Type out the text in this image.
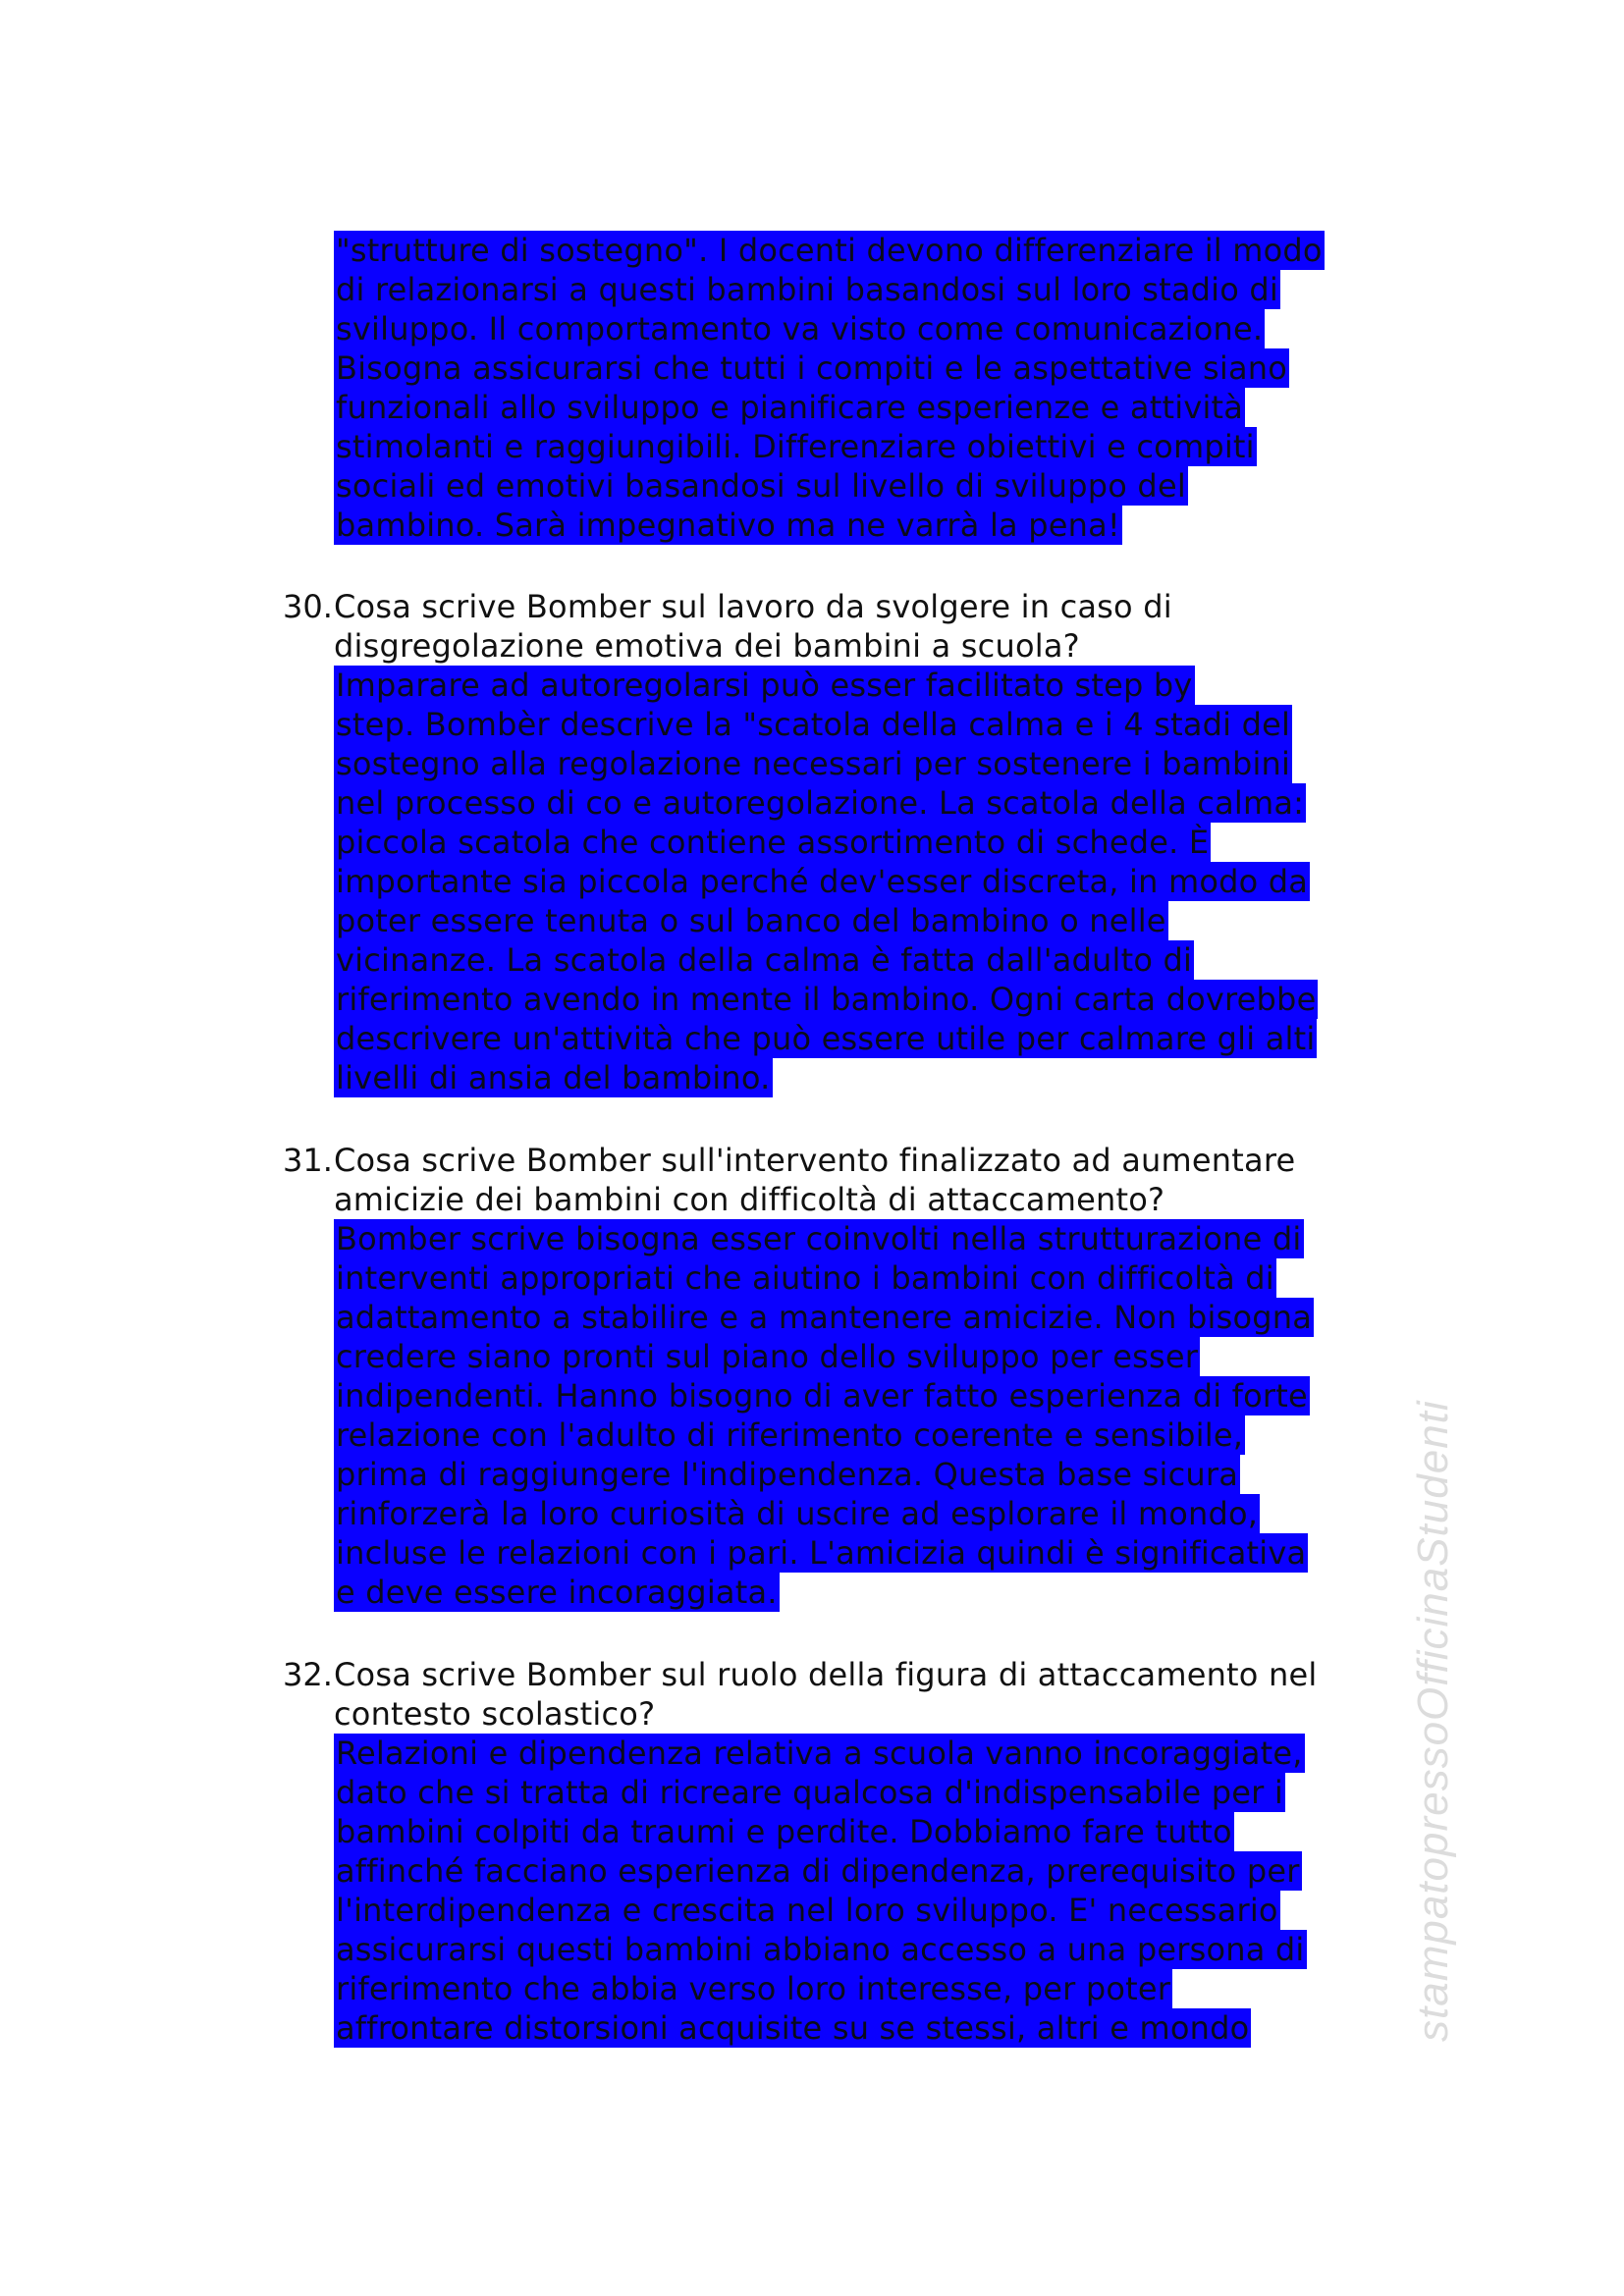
"strutture di sostegno". I docenti devono differenziare il modo
di relazionarsi a questi bambini basandosi sul loro stadio di
sviluppo. Il comportamento va visto come comunicazione.
Bisogna assicurarsi che tutti i compiti e le aspettative siano
funzionali allo sviluppo e pianificare esperienze e attività
stimolanti e raggiungibili. Differenziare obiettivi e compiti
sociali ed emotivi basandosi sul livello di sviluppo del
bambino. Sarà impegnativo ma ne varrà la pena!
30. Cosa scrive Bomber sul lavoro da svolgere in caso di
disgregolazione emotiva dei bambini a scuola?
Imparare ad autoregolarsi può esser facilitato step by
step. Bombèr descrive la "scatola della calma e i 4 stadi del
sostegno alla regolazione necessari per sostenere i bambini
nel processo di co e autoregolazione. La scatola della calma:
piccola scatola che contiene assortimento di schede. È
importante sia piccola perché dev'esser discreta, in modo da
poter essere tenuta o sul banco del bambino o nelle
vicinanze. La scatola della calma è fatta dall'adulto di
riferimento avendo in mente il bambino. Ogni carta dovrebbe
descrivere un'attività che può essere utile per calmare gli alti
livelli di ansia del bambino.
31. Cosa scrive Bomber sull'intervento finalizzato ad aumentare
amicizie dei bambini con difficoltà di attaccamento?
Bomber scrive bisogna esser coinvolti nella strutturazione di
interventi appropriati che aiutino i bambini con difficoltà di
adattamento a stabilire e a mantenere amicizie. Non bisogna
credere siano pronti sul piano dello sviluppo per esser
indipendenti. Hanno bisogno di aver fatto esperienza di forte
relazione con l'adulto di riferimento coerente e sensibile,
prima di raggiungere l'indipendenza. Questa base sicura
rinforzerà la loro curiosità di uscire ad esplorare il mondo,
incluse le relazioni con i pari. L'amicizia quindi è significativa
e deve essere incoraggiata.
32. Cosa scrive Bomber sul ruolo della figura di attaccamento nel
contesto scolastico?
Relazioni e dipendenza relativa a scuola vanno incoraggiate,
dato che si tratta di ricreare qualcosa d'indispensabile per i
bambini colpiti da traumi e perdite. Dobbiamo fare tutto
affinché facciano esperienza di dipendenza, prerequisito per
l'interdipendenza e crescita nel loro sviluppo. E' necessario
assicurarsi questi bambini abbiano accesso a una persona di
riferimento che abbia verso loro interesse, per poter
affrontare distorsioni acquisite su se stessi, altri e mondo	stampatopressoOfficinaStudenti
